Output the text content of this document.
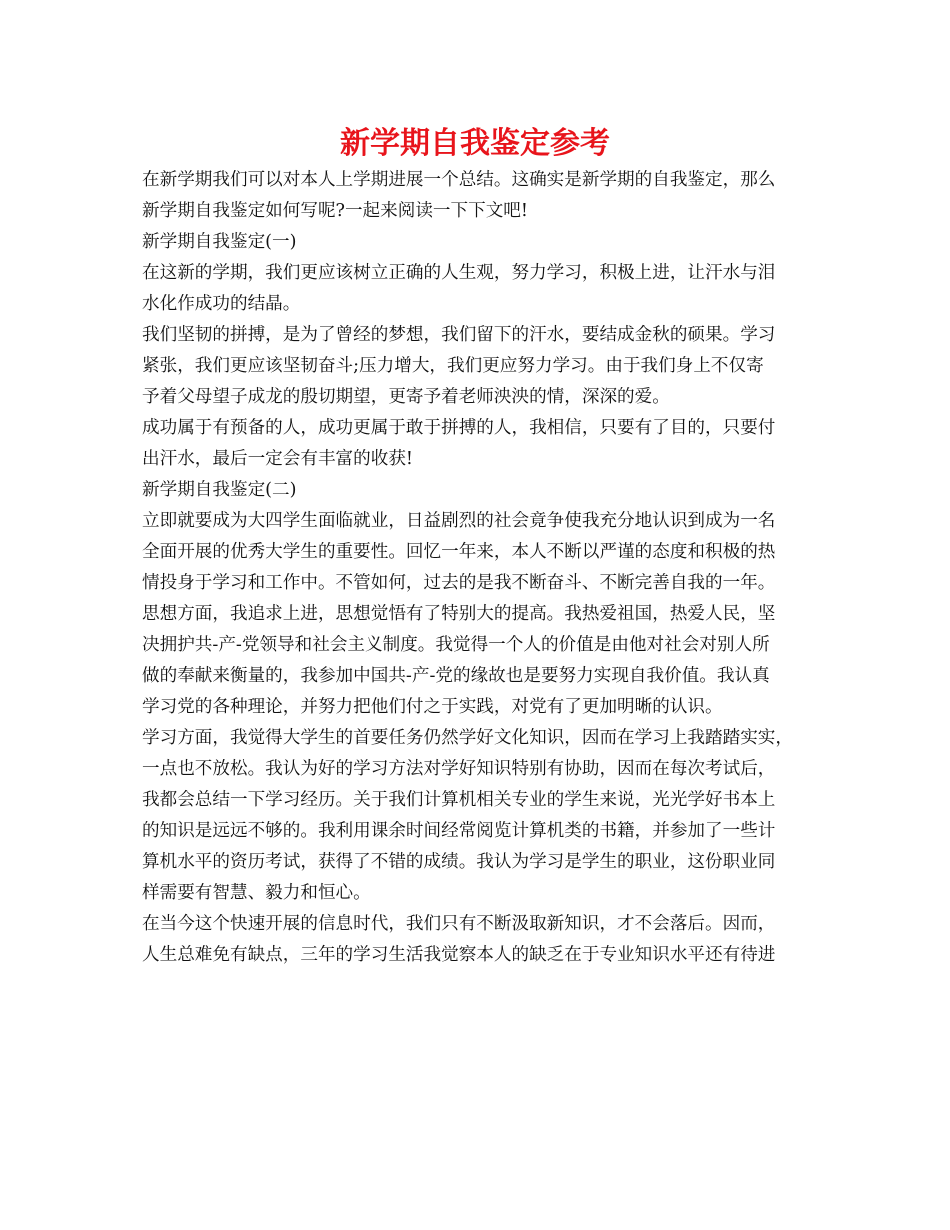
新学期自我鉴定参考
在新学期我们可以对本人上学期进展一个总结。这确实是新学期的自我鉴定，那么
新学期自我鉴定如何写呢?一起来阅读一下下文吧!
新学期自我鉴定(一)
在这新的学期，我们更应该树立正确的人生观，努力学习，积极上进，让汗水与泪
水化作成功的结晶。
我们坚韧的拼搏，是为了曾经的梦想，我们留下的汗水，要结成金秋的硕果。学习
紧张，我们更应该坚韧奋斗;压力增大，我们更应努力学习。由于我们身上不仅寄
予着父母望子成龙的殷切期望，更寄予着老师泱泱的情，深深的爱。
成功属于有预备的人，成功更属于敢于拼搏的人，我相信，只要有了目的，只要付
出汗水，最后一定会有丰富的收获!
新学期自我鉴定(二)
立即就要成为大四学生面临就业，日益剧烈的社会竟争使我充分地认识到成为一名
全面开展的优秀大学生的重要性。回忆一年来，本人不断以严谨的态度和积极的热
情投身于学习和工作中。不管如何，过去的是我不断奋斗、不断完善自我的一年。
思想方面，我追求上进，思想觉悟有了特别大的提高。我热爱祖国，热爱人民，坚
决拥护共-产-党领导和社会主义制度。我觉得一个人的价值是由他对社会对别人所
做的奉献来衡量的，我参加中国共-产-党的缘故也是要努力实现自我价值。我认真
学习党的各种理论，并努力把他们付之于实践，对党有了更加明晰的认识。
学习方面，我觉得大学生的首要任务仍然学好文化知识，因而在学习上我踏踏实实，
一点也不放松。我认为好的学习方法对学好知识特别有协助，因而在每次考试后，
我都会总结一下学习经历。关于我们计算机相关专业的学生来说，光光学好书本上
的知识是远远不够的。我利用课余时间经常阅览计算机类的书籍，并参加了一些计
算机水平的资历考试，获得了不错的成绩。我认为学习是学生的职业，这份职业同
样需要有智慧、毅力和恒心。
在当今这个快速开展的信息时代，我们只有不断汲取新知识，才不会落后。因而，
人生总难免有缺点，三年的学习生活我觉察本人的缺乏在于专业知识水平还有待进
